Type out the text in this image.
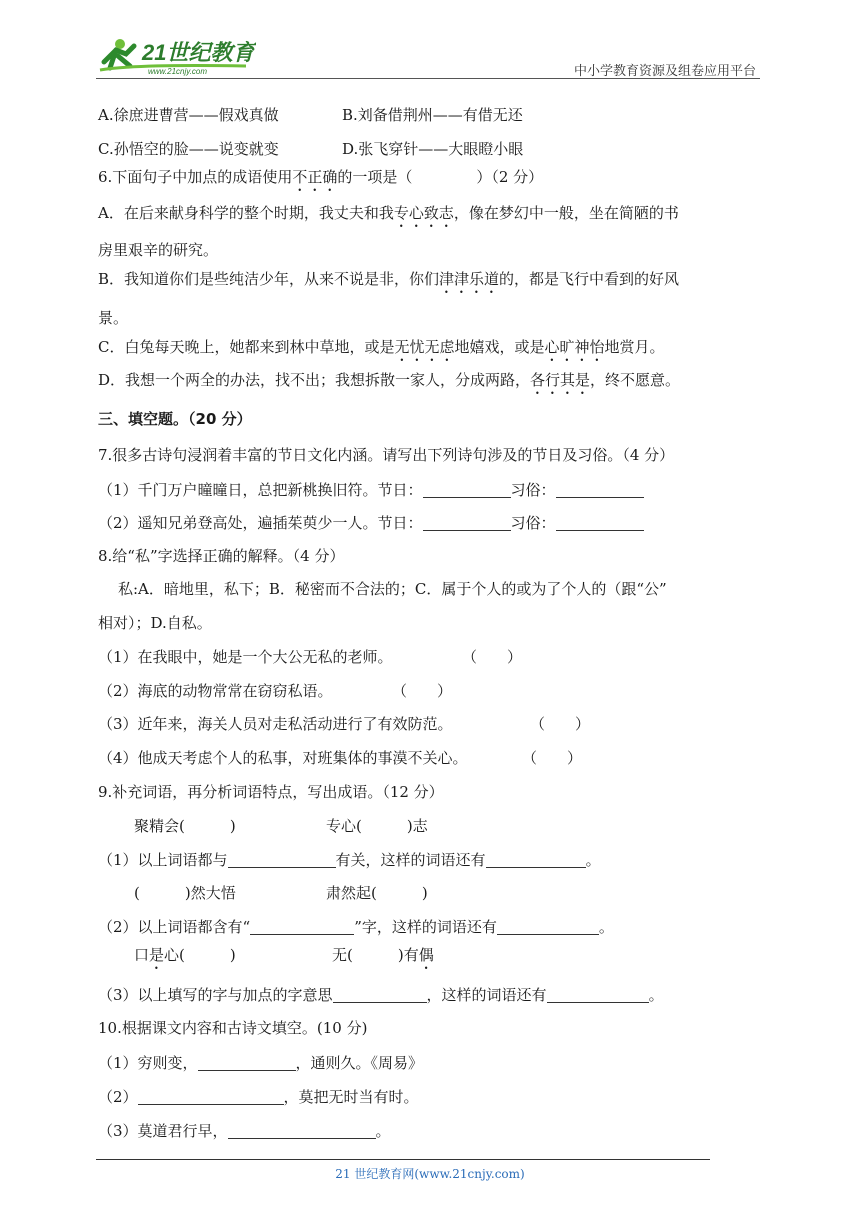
21世纪教育
www.21cnjy.com	中小学教育资源及组卷应用平台
A.徐庶进曹营——假戏真做	B.刘备借荆州——有借无还
C.孙悟空的脸——说变就变	D.张飞穿针——大眼瞪小眼
6.下面句子中加点的成语使用不正确的一项是（	）（2 分）
A．在后来献身科学的整个时期，我丈夫和我专心致志，像在梦幻中一般，坐在简陋的书
房里艰辛的研究。
B．我知道你们是些纯洁少年，从来不说是非，你们津津乐道的，都是飞行中看到的好风
景。
C．白兔每天晚上，她都来到林中草地，或是无忧无虑地嬉戏，或是心旷神怡地赏月。
D．我想一个两全的办法，找不出；我想拆散一家人，分成两路，各行其是，终不愿意。
三、填空题。（20 分）
7.很多古诗句浸润着丰富的节日文化内涵。请写出下列诗句涉及的节日及习俗。（4 分）
（1）千门万户曈曈日，总把新桃换旧符。节日：	习俗：
（2）遥知兄弟登高处，遍插茱萸少一人。节日：	习俗：
8.给“私”字选择正确的解释。（4 分）
私:A．暗地里，私下；B．秘密而不合法的；C．属于个人的或为了个人的（跟“公”
相对）；D.自私。
（1）在我眼中，她是一个大公无私的老师。	（　　）
（2）海底的动物常常在窃窃私语。	（　　）
（3）近年来，海关人员对走私活动进行了有效防范。	（　　）
（4）他成天考虑个人的私事，对班集体的事漠不关心。	（　　）
9.补充词语，再分析词语特点，写出成语。（12 分）
聚精会(　　　)	专心(　　　)志
（1）以上词语都与	有关，这样的词语还有	。
(　　　)然大悟	肃然起(　　　)
（2）以上词语都含有“	”字，这样的词语还有	。
口是心(　　　)	无(　　　)有偶
（3）以上填写的字与加点的字意思	，这样的词语还有	。
10.根据课文内容和古诗文填空。(10 分)
（1）穷则变，	，通则久。《周易》
（2）	，莫把无时当有时。
（3）莫道君行早，	。
21 世纪教育网(www.21cnjy.com)
